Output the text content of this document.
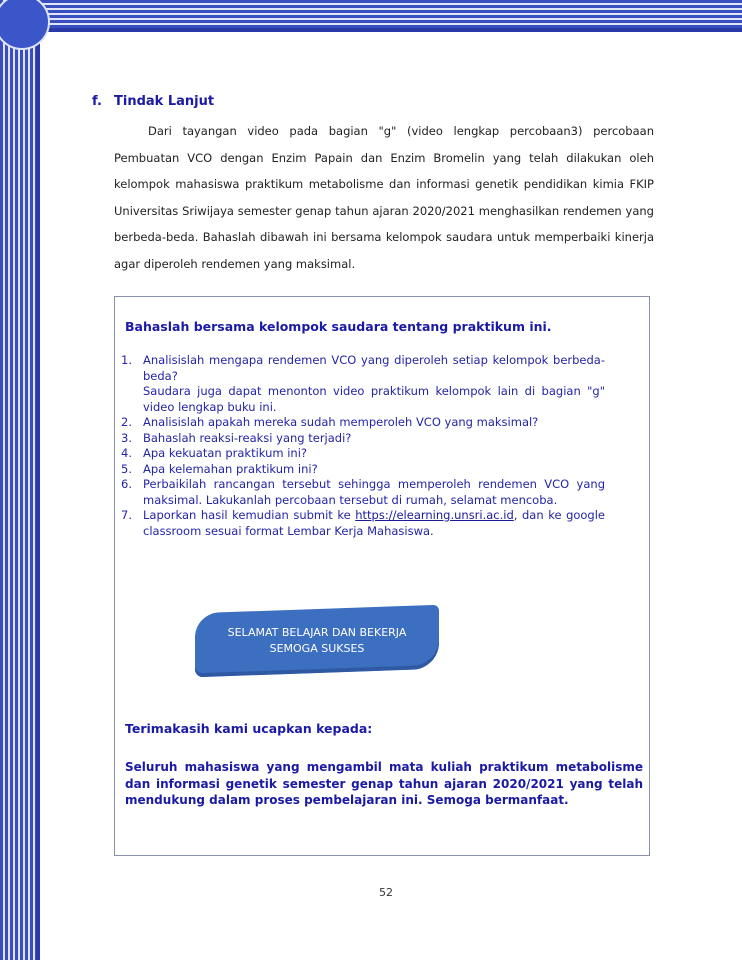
f. Tindak Lanjut

Dari tayangan video pada bagian "g" (video lengkap percobaan3) percobaan Pembuatan VCO dengan Enzim Papain dan Enzim Bromelin yang telah dilakukan oleh kelompok mahasiswa praktikum metabolisme dan informasi genetik pendidikan kimia FKIP Universitas Sriwijaya semester genap tahun ajaran 2020/2021 menghasilkan rendemen yang berbeda-beda. Bahaslah dibawah ini bersama kelompok saudara untuk memperbaiki kinerja agar diperoleh rendemen yang maksimal.

Bahaslah bersama kelompok saudara tentang praktikum ini.
1. Analisislah mengapa rendemen VCO yang diperoleh setiap kelompok berbeda-beda?
Saudara juga dapat menonton video praktikum kelompok lain di bagian "g" video lengkap buku ini.
2. Analisislah apakah mereka sudah memperoleh VCO yang maksimal?
3. Bahaslah reaksi-reaksi yang terjadi?
4. Apa kekuatan praktikum ini?
5. Apa kelemahan praktikum ini?
6. Perbaikilah rancangan tersebut sehingga memperoleh rendemen VCO yang maksimal. Lakukanlah percobaan tersebut di rumah, selamat mencoba.
7. Laporkan hasil kemudian submit ke https://elearning.unsri.ac.id, dan ke google classroom sesuai format Lembar Kerja Mahasiswa.
SELAMAT BELAJAR DAN BEKERJA
SEMOGA SUKSES
Terimakasih kami ucapkan kepada:
Seluruh mahasiswa yang mengambil mata kuliah praktikum metabolisme dan informasi genetik semester genap tahun ajaran 2020/2021 yang telah mendukung dalam proses pembelajaran ini. Semoga bermanfaat.
52
